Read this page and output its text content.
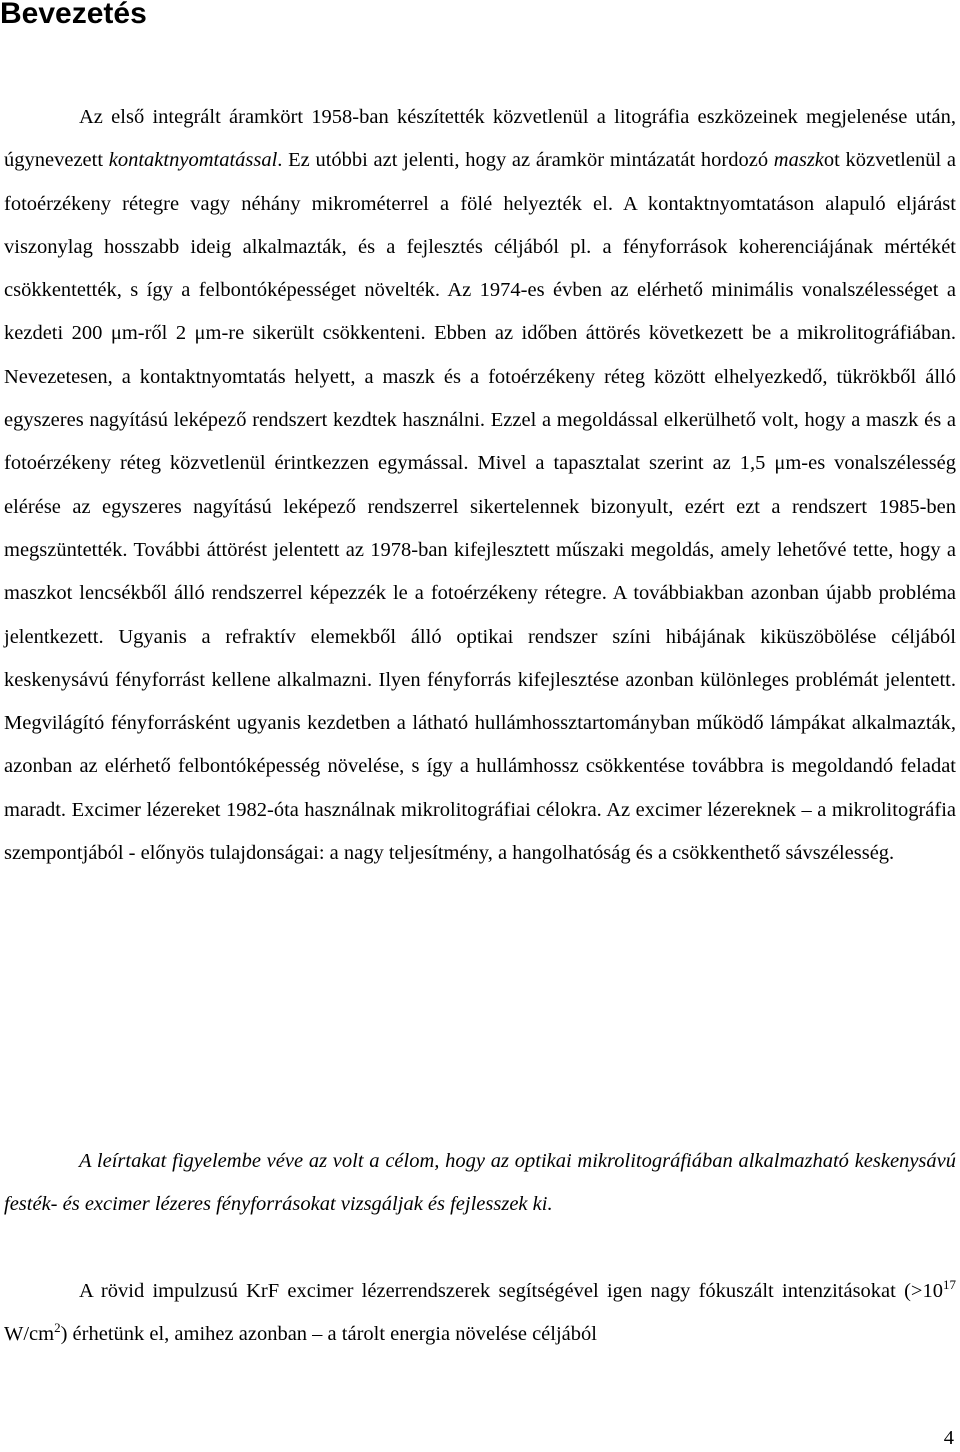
Bevezetés

Az első integrált áramkört 1958-ban készítették közvetlenül a litográfia eszközeinek megjelenése után, úgynevezett kontaktnyomtatással. Ez utóbbi azt jelenti, hogy az áramkör mintázatát hordozó maszkot közvetlenül a fotoérzékeny rétegre vagy néhány mikrométerrel a fölé helyezték el. A kontaktnyomtatáson alapuló eljárást viszonylag hosszabb ideig alkalmazták, és a fejlesztés céljából pl. a fényforrások koherenciájának mértékét csökkentették, s így a felbontóképességet növelték. Az 1974-es évben az elérhető minimális vonalszélességet a kezdeti 200 μm-ről 2 μm-re sikerült csökkenteni. Ebben az időben áttörés következett be a mikrolitográfiában. Nevezetesen, a kontaktnyomtatás helyett, a maszk és a fotoérzékeny réteg között elhelyezkedő, tükrökből álló egyszeres nagyítású leképező rendszert kezdtek használni. Ezzel a megoldással elkerülhető volt, hogy a maszk és a fotoérzékeny réteg közvetlenül érintkezzen egymással. Mivel a tapasztalat szerint az 1,5 μm-es vonalszélesség elérése az egyszeres nagyítású leképező rendszerrel sikertelennek bizonyult, ezért ezt a rendszert 1985-ben megszüntették. További áttörést jelentett az 1978-ban kifejlesztett műszaki megoldás, amely lehetővé tette, hogy a maszkot lencsékből álló rendszerrel képezzék le a fotoérzékeny rétegre. A továbbiakban azonban újabb probléma jelentkezett. Ugyanis a refraktív elemekből álló optikai rendszer színi hibájának kiküszöbölése céljából keskenysávú fényforrást kellene alkalmazni. Ilyen fényforrás kifejlesztése azonban különleges problémát jelentett. Megvilágító fényforrásként ugyanis kezdetben a látható hullámhossztartományban működő lámpákat alkalmazták, azonban az elérhető felbontóképesség növelése, s így a hullámhossz csökkentése továbbra is megoldandó feladat maradt. Excimer lézereket 1982-óta használnak mikrolitográfiai célokra. Az excimer lézereknek – a mikrolitográfia szempontjából - előnyös tulajdonságai: a nagy teljesítmény, a hangolhatóság és a csökkenthető sávszélesség.

A leírtakat figyelembe véve az volt a célom, hogy az optikai mikrolitográfiában alkalmazható keskenysávú festék- és excimer lézeres fényforrásokat vizsgáljak és fejlesszek ki.

A rövid impulzusú KrF excimer lézerrendszerek segítségével igen nagy fókuszált intenzitásokat ($>10^{17}$ $W/cm^2$) érhetünk el, amihez azonban – a tárolt energia növelése céljából

4
